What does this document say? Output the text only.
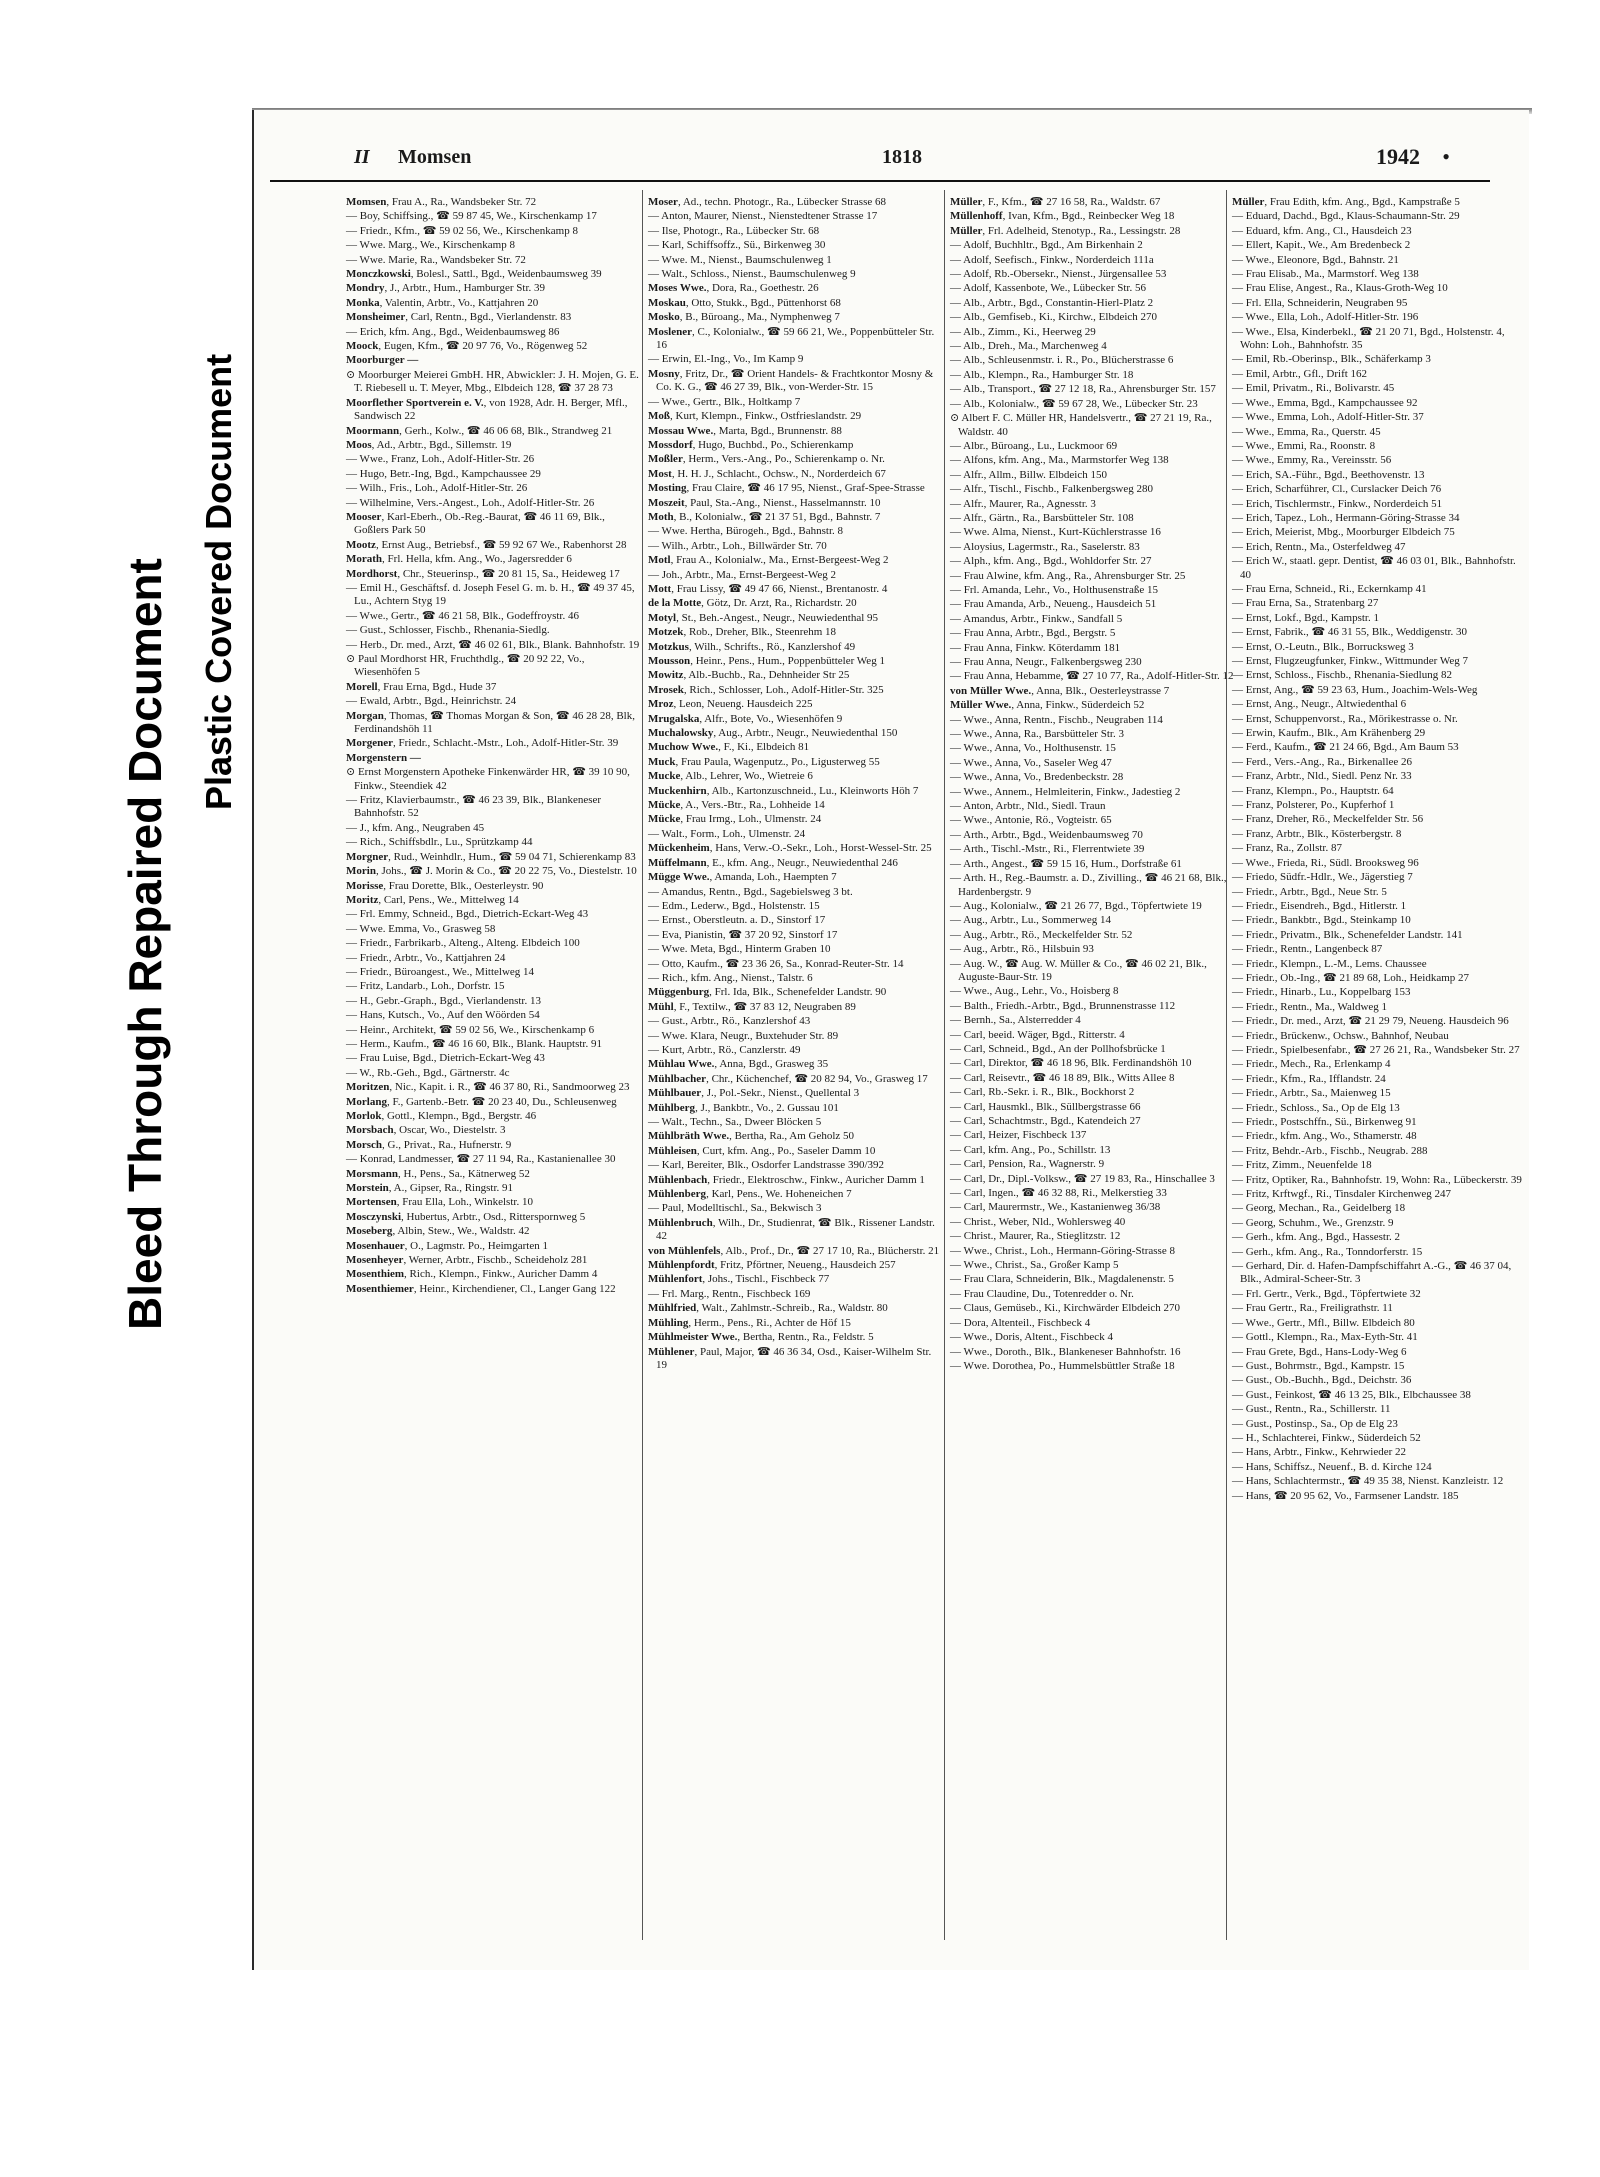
Bleed Through Repaired Document Plastic Covered Document
II Momsen	1818	1942 •
Momsen, Frau A., Ra., Wandsbeker Str. 72
— Boy, Schiffsing., ☎ 59 87 45, We., Kirschenkamp 17
— Friedr., Kfm., ☎ 59 02 56, We., Kirschenkamp 8
— Wwe. Marg., We., Kirschenkamp 8
— Wwe. Marie, Ra., Wandsbeker Str. 72
Monczkowski, Bolesl., Sattl., Bgd., Weidenbaumsweg 39
Mondry, J., Arbtr., Hum., Hamburger Str. 39
Monka, Valentin, Arbtr., Vo., Kattjahren 20
Monsheimer, Carl, Rentn., Bgd., Vierlandenstr. 83
— Erich, kfm. Ang., Bgd., Weidenbaumsweg 86
Moock, Eugen, Kfm., ☎ 20 97 76, Vo., Rögenweg 52
Moorburger —
⊙ Moorburger Meierei GmbH. HR, Abwickler: J. H. Mojen, G. E. T. Riebesell u. T. Meyer, Mbg., Elbdeich 128, ☎ 37 28 73
Moorflether Sportverein e. V., von 1928, Adr. H. Berger, Mfl., Sandwisch 22
Moormann, Gerh., Kolw., ☎ 46 06 68, Blk., Strandweg 21
Moos, Ad., Arbtr., Bgd., Sillemstr. 19
— Wwe., Franz, Loh., Adolf-Hitler-Str. 26
— Hugo, Betr.-Ing, Bgd., Kampchaussee 29
— Wilh., Fris., Loh., Adolf-Hitler-Str. 26
— Wilhelmine, Vers.-Angest., Loh., Adolf-Hitler-Str. 26
Mooser, Karl-Eberh., Ob.-Reg.-Baurat, ☎ 46 11 69, Blk., Goßlers Park 50
Mootz, Ernst Aug., Betriebsf., ☎ 59 92 67 We., Rabenhorst 28
Morath, Frl. Hella, kfm. Ang., Wo., Jagersredder 6
Mordhorst, Chr., Steuerinsp., ☎ 20 81 15, Sa., Heideweg 17
— Emil H., Geschäftsf. d. Joseph Fesel G. m. b. H., ☎ 49 37 45, Lu., Achtern Styg 19
— Wwe., Gertr., ☎ 46 21 58, Blk., Godeffroystr. 46
— Gust., Schlosser, Fischb., Rhenania-Siedlg.
— Herb., Dr. med., Arzt, ☎ 46 02 61, Blk., Blank. Bahnhofstr. 19
⊙ Paul Mordhorst HR, Fruchthdlg., ☎ 20 92 22, Vo., Wiesenhöfen 5
Morell, Frau Erna, Bgd., Hude 37
— Ewald, Arbtr., Bgd., Heinrichstr. 24
Morgan, Thomas, ☎ Thomas Morgan & Son, ☎ 46 28 28, Blk, Ferdinandshöh 11
Morgener, Friedr., Schlacht.-Mstr., Loh., Adolf-Hitler-Str. 39
Morgenstern —
⊙ Ernst Morgenstern Apotheke Finkenwärder HR, ☎ 39 10 90, Finkw., Steendiek 42
— Fritz, Klavierbaumstr., ☎ 46 23 39, Blk., Blankeneser Bahnhofstr. 52
— J., kfm. Ang., Neugraben 45
— Rich., Schiffsbdlr., Lu., Sprützkamp 44
Morgner, Rud., Weinhdlr., Hum., ☎ 59 04 71, Schierenkamp 83
Morin, Johs., ☎ J. Morin & Co., ☎ 20 22 75, Vo., Diestelstr. 10
Morisse, Frau Dorette, Blk., Oesterleystr. 90
Moritz, Carl, Pens., We., Mittelweg 14
— Frl. Emmy, Schneid., Bgd., Dietrich-Eckart-Weg 43
— Wwe. Emma, Vo., Grasweg 58
— Friedr., Farbrikarb., Alteng., Alteng. Elbdeich 100
— Friedr., Arbtr., Vo., Kattjahren 24
— Friedr., Büroangest., We., Mittelweg 14
— Fritz, Landarb., Loh., Dorfstr. 15
— H., Gebr.-Graph., Bgd., Vierlandenstr. 13
— Hans, Kutsch., Vo., Auf den Wöörden 54
— Heinr., Architekt, ☎ 59 02 56, We., Kirschenkamp 6
— Herm., Kaufm., ☎ 46 16 60, Blk., Blank. Hauptstr. 91
— Frau Luise, Bgd., Dietrich-Eckart-Weg 43
— W., Rb.-Geh., Bgd., Gärtnerstr. 4c
Moritzen, Nic., Kapit. i. R., ☎ 46 37 80, Ri., Sandmoorweg 23
Morlang, F., Gartenb.-Betr. ☎ 20 23 40, Du., Schleusenweg
Morlok, Gottl., Klempn., Bgd., Bergstr. 46
Morsbach, Oscar, Wo., Diestelstr. 3
Morsch, G., Privat., Ra., Hufnerstr. 9
— Konrad, Landmesser, ☎ 27 11 94, Ra., Kastanienallee 30
Morsmann, H., Pens., Sa., Kätnerweg 52
Morstein, A., Gipser, Ra., Ringstr. 91
Mortensen, Frau Ella, Loh., Winkelstr. 10
Mosczynski, Hubertus, Arbtr., Osd., Ritterspornweg 5
Moseberg, Albin, Stew., We., Waldstr. 42
Mosenhauer, O., Lagmstr. Po., Heimgarten 1
Mosenheyer, Werner, Arbtr., Fischb., Scheideholz 281
Mosenthiem, Rich., Klempn., Finkw., Auricher Damm 4
Mosenthiemer, Heinr., Kirchendiener, Cl., Langer Gang 122
Moser, Ad., techn. Photogr., Ra., Lübecker Strasse 68
— Anton, Maurer, Nienst., Nienstedtener Strasse 17
— Ilse, Photogr., Ra., Lübecker Str. 68
— Karl, Schiffsoffz., Sü., Birkenweg 30
— Wwe. M., Nienst., Baumschulenweg 1
— Walt., Schloss., Nienst., Baumschulenweg 9
Moses Wwe., Dora, Ra., Goethestr. 26
Moskau, Otto, Stukk., Bgd., Püttenhorst 68
Mosko, B., Büroang., Ma., Nymphenweg 7
Moslener, C., Kolonialw., ☎ 59 66 21, We., Poppenbütteler Str. 16
— Erwin, El.-Ing., Vo., Im Kamp 9
Mosny, Fritz, Dr., ☎ Orient Handels- & Frachtkontor Mosny & Co. K. G., ☎ 46 27 39, Blk., von-Werder-Str. 15
— Wwe., Gertr., Blk., Holtkamp 7
Moß, Kurt, Klempn., Finkw., Ostfrieslandstr. 29
Mossau Wwe., Marta, Bgd., Brunnenstr. 88
Mossdorf, Hugo, Buchbd., Po., Schierenkamp
Moßler, Herm., Vers.-Ang., Po., Schierenkamp o. Nr.
Most, H. H. J., Schlacht., Ochsw., N., Norderdeich 67
Mosting, Frau Claire, ☎ 46 17 95, Nienst., Graf-Spee-Strasse
Moszeit, Paul, Sta.-Ang., Nienst., Hasselmannstr. 10
Moth, B., Kolonialw., ☎ 21 37 51, Bgd., Bahnstr. 7
— Wwe. Hertha, Bürogeh., Bgd., Bahnstr. 8
— Wilh., Arbtr., Loh., Billwärder Str. 70
Motl, Frau A., Kolonialw., Ma., Ernst-Bergeest-Weg 2
— Joh., Arbtr., Ma., Ernst-Bergeest-Weg 2
Mott, Frau Lissy, ☎ 49 47 66, Nienst., Brentanostr. 4
de la Motte, Götz, Dr. Arzt, Ra., Richardstr. 20
Motyl, St., Beh.-Angest., Neugr., Neuwiedenthal 95
Motzek, Rob., Dreher, Blk., Steenrehm 18
Motzkus, Wilh., Schrifts., Rö., Kanzlershof 49
Mousson, Heinr., Pens., Hum., Poppenbütteler Weg 1
Mowitz, Alb.-Buchb., Ra., Dehnheider Str 25
Mrosek, Rich., Schlosser, Loh., Adolf-Hitler-Str. 325
Mroz, Leon, Neueng. Hausdeich 225
Mrugalska, Alfr., Bote, Vo., Wiesenhöfen 9
Muchalowsky, Aug., Arbtr., Neugr., Neuwiedenthal 150
Muchow Wwe., F., Ki., Elbdeich 81
Muck, Frau Paula, Wagenputz., Po., Ligusterweg 55
Mucke, Alb., Lehrer, Wo., Wietreie 6
Muckenhirn, Alb., Kartonzuschneid., Lu., Kleinworts Höh 7
Mücke, A., Vers.-Btr., Ra., Lohheide 14
Mücke, Frau Irmg., Loh., Ulmenstr. 24
— Walt., Form., Loh., Ulmenstr. 24
Mückenheim, Hans, Verw.-O.-Sekr., Loh., Horst-Wessel-Str. 25
Müffelmann, E., kfm. Ang., Neugr., Neuwiedenthal 246
Mügge Wwe., Amanda, Loh., Haempten 7
— Amandus, Rentn., Bgd., Sagebielsweg 3 bt.
— Edm., Lederw., Bgd., Holstenstr. 15
— Ernst., Oberstleutn. a. D., Sinstorf 17
— Eva, Pianistin, ☎ 37 20 92, Sinstorf 17
— Wwe. Meta, Bgd., Hinterm Graben 10
— Otto, Kaufm., ☎ 23 36 26, Sa., Konrad-Reuter-Str. 14
— Rich., kfm. Ang., Nienst., Talstr. 6
Müggenburg, Frl. Ida, Blk., Schenefelder Landstr. 90
Mühl, F., Textilw., ☎ 37 83 12, Neugraben 89
— Gust., Arbtr., Rö., Kanzlershof 43
— Wwe. Klara, Neugr., Buxtehuder Str. 89
— Kurt, Arbtr., Rö., Canzlerstr. 49
Mühlau Wwe., Anna, Bgd., Grasweg 35
Mühlbacher, Chr., Küchenchef, ☎ 20 82 94, Vo., Grasweg 17
Mühlbauer, J., Pol.-Sekr., Nienst., Quellental 3
Mühlberg, J., Bankbtr., Vo., 2. Gussau 101
— Walt., Techn., Sa., Dweer Blöcken 5
Mühlbräth Wwe., Bertha, Ra., Am Geholz 50
Mühleisen, Curt, kfm. Ang., Po., Saseler Damm 10
— Karl, Bereiter, Blk., Osdorfer Landstrasse 390/392
Mühlenbach, Friedr., Elektroschw., Finkw., Auricher Damm 1
Mühlenberg, Karl, Pens., We. Hoheneichen 7
— Paul, Modelltischl., Sa., Bekwisch 3
Mühlenbruch, Wilh., Dr., Studienrat, ☎ Blk., Rissener Landstr. 42
von Mühlenfels, Alb., Prof., Dr., ☎ 27 17 10, Ra., Blücherstr. 21
Mühlenpfordt, Fritz, Pförtner, Neueng., Hausdeich 257
Mühlenfort, Johs., Tischl., Fischbeck 77
— Frl. Marg., Rentn., Fischbeck 169
Mühlfried, Walt., Zahlmstr.-Schreib., Ra., Waldstr. 80
Mühling, Herm., Pens., Ri., Achter de Höf 15
Mühlmeister Wwe., Bertha, Rentn., Ra., Feldstr. 5
Mühlener, Paul, Major, ☎ 46 36 34, Osd., Kaiser-Wilhelm Str. 19
Müller, F., Kfm., ☎ 27 16 58, Ra., Waldstr. 67
Müllenhoff, Ivan, Kfm., Bgd., Reinbecker Weg 18
Müller, Frl. Adelheid, Stenotyp., Ra., Lessingstr. 28
— Adolf, Buchhltr., Bgd., Am Birkenhain 2
— Adolf, Seefisch., Finkw., Norderdeich 111a
— Adolf, Rb.-Obersekr., Nienst., Jürgensallee 53
— Adolf, Kassenbote, We., Lübecker Str. 56
— Alb., Arbtr., Bgd., Constantin-Hierl-Platz 2
— Alb., Gemfiseb., Ki., Kirchw., Elbdeich 270
— Alb., Zimm., Ki., Heerweg 29
— Alb., Dreh., Ma., Marchenweg 4
— Alb., Schleusenmstr. i. R., Po., Blücherstrasse 6
— Alb., Klempn., Ra., Hamburger Str. 18
— Alb., Transport., ☎ 27 12 18, Ra., Ahrensburger Str. 157
— Alb., Kolonialw., ☎ 59 67 28, We., Lübecker Str. 23
⊙ Albert F. C. Müller HR, Handelsvertr., ☎ 27 21 19, Ra., Waldstr. 40
— Albr., Büroang., Lu., Luckmoor 69
— Alfons, kfm. Ang., Ma., Marmstorfer Weg 138
— Alfr., Allm., Billw. Elbdeich 150
— Alfr., Tischl., Fischb., Falkenbergsweg 280
— Alfr., Maurer, Ra., Agnesstr. 3
— Alfr., Gärtn., Ra., Barsbütteler Str. 108
— Wwe. Alma, Nienst., Kurt-Küchlerstrasse 16
— Aloysius, Lagermstr., Ra., Saselerstr. 83
— Alph., kfm. Ang., Bgd., Wohldorfer Str. 27
— Frau Alwine, kfm. Ang., Ra., Ahrensburger Str. 25
— Frl. Amanda, Lehr., Vo., Holthusenstraße 15
— Frau Amanda, Arb., Neueng., Hausdeich 51
— Amandus, Arbtr., Finkw., Sandfall 5
— Frau Anna, Arbtr., Bgd., Bergstr. 5
— Frau Anna, Finkw. Köterdamm 181
— Frau Anna, Neugr., Falkenbergsweg 230
— Frau Anna, Hebamme, ☎ 27 10 77, Ra., Adolf-Hitler-Str. 12
von Müller Wwe., Anna, Blk., Oesterleystrasse 7
Müller Wwe., Anna, Finkw., Süderdeich 52
— Wwe., Anna, Rentn., Fischb., Neugraben 114
— Wwe., Anna, Ra., Barsbütteler Str. 3
— Wwe., Anna, Vo., Holthusenstr. 15
— Wwe., Anna, Vo., Saseler Weg 47
— Wwe., Anna, Vo., Bredenbeckstr. 28
— Wwe., Annem., Helmleiterin, Finkw., Jadestieg 2
— Anton, Arbtr., Nld., Siedl. Traun
— Wwe., Antonie, Rö., Vogteistr. 65
— Arth., Arbtr., Bgd., Weidenbaumsweg 70
— Arth., Tischl.-Mstr., Ri., Flerrentwiete 39
— Arth., Angest., ☎ 59 15 16, Hum., Dorfstraße 61
— Arth. H., Reg.-Baumstr. a. D., Zivilling., ☎ 46 21 68, Blk., Hardenbergstr. 9
— Aug., Kolonialw., ☎ 21 26 77, Bgd., Töpfertwiete 19
— Aug., Arbtr., Lu., Sommerweg 14
— Aug., Arbtr., Rö., Meckelfelder Str. 52
— Aug., Arbtr., Rö., Hilsbuin 93
— Aug. W., ☎ Aug. W. Müller & Co., ☎ 46 02 21, Blk., Auguste-Baur-Str. 19
— Wwe., Aug., Lehr., Vo., Hoisberg 8
— Balth., Friedh.-Arbtr., Bgd., Brunnenstrasse 112
— Bernh., Sa., Alsterredder 4
— Carl, beeid. Wäger, Bgd., Ritterstr. 4
— Carl, Schneid., Bgd., An der Pollhofsbrücke 1
— Carl, Direktor, ☎ 46 18 96, Blk. Ferdinandshöh 10
— Carl, Reisevtr., ☎ 46 18 89, Blk., Witts Allee 8
— Carl, Rb.-Sekr. i. R., Blk., Bockhorst 2
— Carl, Hausmkl., Blk., Süllbergstrasse 66
— Carl, Schachtmstr., Bgd., Katendeich 27
— Carl, Heizer, Fischbeck 137
— Carl, kfm. Ang., Po., Schillstr. 13
— Carl, Pension, Ra., Wagnerstr. 9
— Carl, Dr., Dipl.-Volksw., ☎ 27 19 83, Ra., Hinschallee 3
— Carl, Ingen., ☎ 46 32 88, Ri., Melkerstieg 33
— Carl, Maurermstr., We., Kastanienweg 36/38
— Christ., Weber, Nld., Wohlersweg 40
— Christ., Maurer, Ra., Stieglitzstr. 12
— Wwe., Christ., Loh., Hermann-Göring-Strasse 8
— Wwe., Christ., Sa., Großer Kamp 5
— Frau Clara, Schneiderin, Blk., Magdalenenstr. 5
— Frau Claudine, Du., Totenredder o. Nr.
— Claus, Gemüseb., Ki., Kirchwärder Elbdeich 270
— Dora, Altenteil., Fischbeck 4
— Wwe., Doris, Altent., Fischbeck 4
— Wwe., Doroth., Blk., Blankeneser Bahnhofstr. 16
— Wwe. Dorothea, Po., Hummelsbüttler Straße 18
Müller, Frau Edith, kfm. Ang., Bgd., Kampstraße 5
— Eduard, Dachd., Bgd., Klaus-Schaumann-Str. 29
— Eduard, kfm. Ang., Cl., Hausdeich 23
— Ellert, Kapit., We., Am Bredenbeck 2
— Wwe., Eleonore, Bgd., Bahnstr. 21
— Frau Elisab., Ma., Marmstorf. Weg 138
— Frau Elise, Angest., Ra., Klaus-Groth-Weg 10
— Frl. Ella, Schneiderin, Neugraben 95
— Wwe., Ella, Loh., Adolf-Hitler-Str. 196
— Wwe., Elsa, Kinderbekl., ☎ 21 20 71, Bgd., Holstenstr. 4, Wohn: Loh., Bahnhofstr. 35
— Emil, Rb.-Oberinsp., Blk., Schäferkamp 3
— Emil, Arbtr., Gfl., Drift 162
— Emil, Privatm., Ri., Bolivarstr. 45
— Wwe., Emma, Bgd., Kampchaussee 92
— Wwe., Emma, Loh., Adolf-Hitler-Str. 37
— Wwe., Emma, Ra., Querstr. 45
— Wwe., Emmi, Ra., Roonstr. 8
— Wwe., Emmy, Ra., Vereinsstr. 56
— Erich, SA.-Führ., Bgd., Beethovenstr. 13
— Erich, Scharführer, Cl., Curslacker Deich 76
— Erich, Tischlermstr., Finkw., Norderdeich 51
— Erich, Tapez., Loh., Hermann-Göring-Strasse 34
— Erich, Meierist, Mbg., Moorburger Elbdeich 75
— Erich, Rentn., Ma., Osterfeldweg 47
— Erich W., staatl. gepr. Dentist, ☎ 46 03 01, Blk., Bahnhofstr. 40
— Frau Erna, Schneid., Ri., Eckernkamp 41
— Frau Erna, Sa., Stratenbarg 27
— Ernst, Lokf., Bgd., Kampstr. 1
— Ernst, Fabrik., ☎ 46 31 55, Blk., Weddigenstr. 30
— Ernst, O.-Leutn., Blk., Borrucksweg 3
— Ernst, Flugzeugfunker, Finkw., Wittmunder Weg 7
— Ernst, Schloss., Fischb., Rhenania-Siedlung 82
— Ernst, Ang., ☎ 59 23 63, Hum., Joachim-Wels-Weg
— Ernst, Ang., Neugr., Altwiedenthal 6
— Ernst, Schuppenvorst., Ra., Mörikestrasse o. Nr.
— Erwin, Kaufm., Blk., Am Krähenberg 29
— Ferd., Kaufm., ☎ 21 24 66, Bgd., Am Baum 53
— Ferd., Vers.-Ang., Ra., Birkenallee 26
— Franz, Arbtr., Nld., Siedl. Penz Nr. 33
— Franz, Klempn., Po., Hauptstr. 64
— Franz, Polsterer, Po., Kupferhof 1
— Franz, Dreher, Rö., Meckelfelder Str. 56
— Franz, Arbtr., Blk., Kösterbergstr. 8
— Franz, Ra., Zollstr. 87
— Wwe., Frieda, Ri., Südl. Brooksweg 96
— Friedo, Südfr.-Hdlr., We., Jägerstieg 7
— Friedr., Arbtr., Bgd., Neue Str. 5
— Friedr., Eisendreh., Bgd., Hitlerstr. 1
— Friedr., Bankbtr., Bgd., Steinkamp 10
— Friedr., Privatm., Blk., Schenefelder Landstr. 141
— Friedr., Rentn., Langenbeck 87
— Friedr., Klempn., L.-M., Lems. Chaussee
— Friedr., Ob.-Ing., ☎ 21 89 68, Loh., Heidkamp 27
— Friedr., Hinarb., Lu., Koppelbarg 153
— Friedr., Rentn., Ma., Waldweg 1
— Friedr., Dr. med., Arzt, ☎ 21 29 79, Neueng. Hausdeich 96
— Friedr., Brückenw., Ochsw., Bahnhof, Neubau
— Friedr., Spielbesenfabr., ☎ 27 26 21, Ra., Wandsbeker Str. 27
— Friedr., Mech., Ra., Erlenkamp 4
— Friedr., Kfm., Ra., Ifflandstr. 24
— Friedr., Arbtr., Sa., Maienweg 15
— Friedr., Schloss., Sa., Op de Elg 13
— Friedr., Postschffn., Sü., Birkenweg 91
— Friedr., kfm. Ang., Wo., Sthamerstr. 48
— Fritz, Behdr.-Arb., Fischb., Neugrab. 288
— Fritz, Zimm., Neuenfelde 18
— Fritz, Optiker, Ra., Bahnhofstr. 19, Wohn: Ra., Lübeckerstr. 39
— Fritz, Krftwgf., Ri., Tinsdaler Kirchenweg 247
— Georg, Mechan., Ra., Geidelberg 18
— Georg, Schuhm., We., Grenzstr. 9
— Gerh., kfm. Ang., Bgd., Hassestr. 2
— Gerh., kfm. Ang., Ra., Tonndorferstr. 15
— Gerhard, Dir. d. Hafen-Dampfschiffahrt A.-G., ☎ 46 37 04, Blk., Admiral-Scheer-Str. 3
— Frl. Gertr., Verk., Bgd., Töpfertwiete 32
— Frau Gertr., Ra., Freiligrathstr. 11
— Wwe., Gertr., Mfl., Billw. Elbdeich 80
— Gottl., Klempn., Ra., Max-Eyth-Str. 41
— Frau Grete, Bgd., Hans-Lody-Weg 6
— Gust., Bohrmstr., Bgd., Kampstr. 15
— Gust., Ob.-Buchh., Bgd., Deichstr. 36
— Gust., Feinkost, ☎ 46 13 25, Blk., Elbchaussee 38
— Gust., Rentn., Ra., Schillerstr. 11
— Gust., Postinsp., Sa., Op de Elg 23
— H., Schlachterei, Finkw., Süderdeich 52
— Hans, Arbtr., Finkw., Kehrwieder 22
— Hans, Schiffsz., Neuenf., B. d. Kirche 124
— Hans, Schlachtermstr., ☎ 49 35 38, Nienst. Kanzleistr. 12
— Hans, ☎ 20 95 62, Vo., Farmsener Landstr. 185
